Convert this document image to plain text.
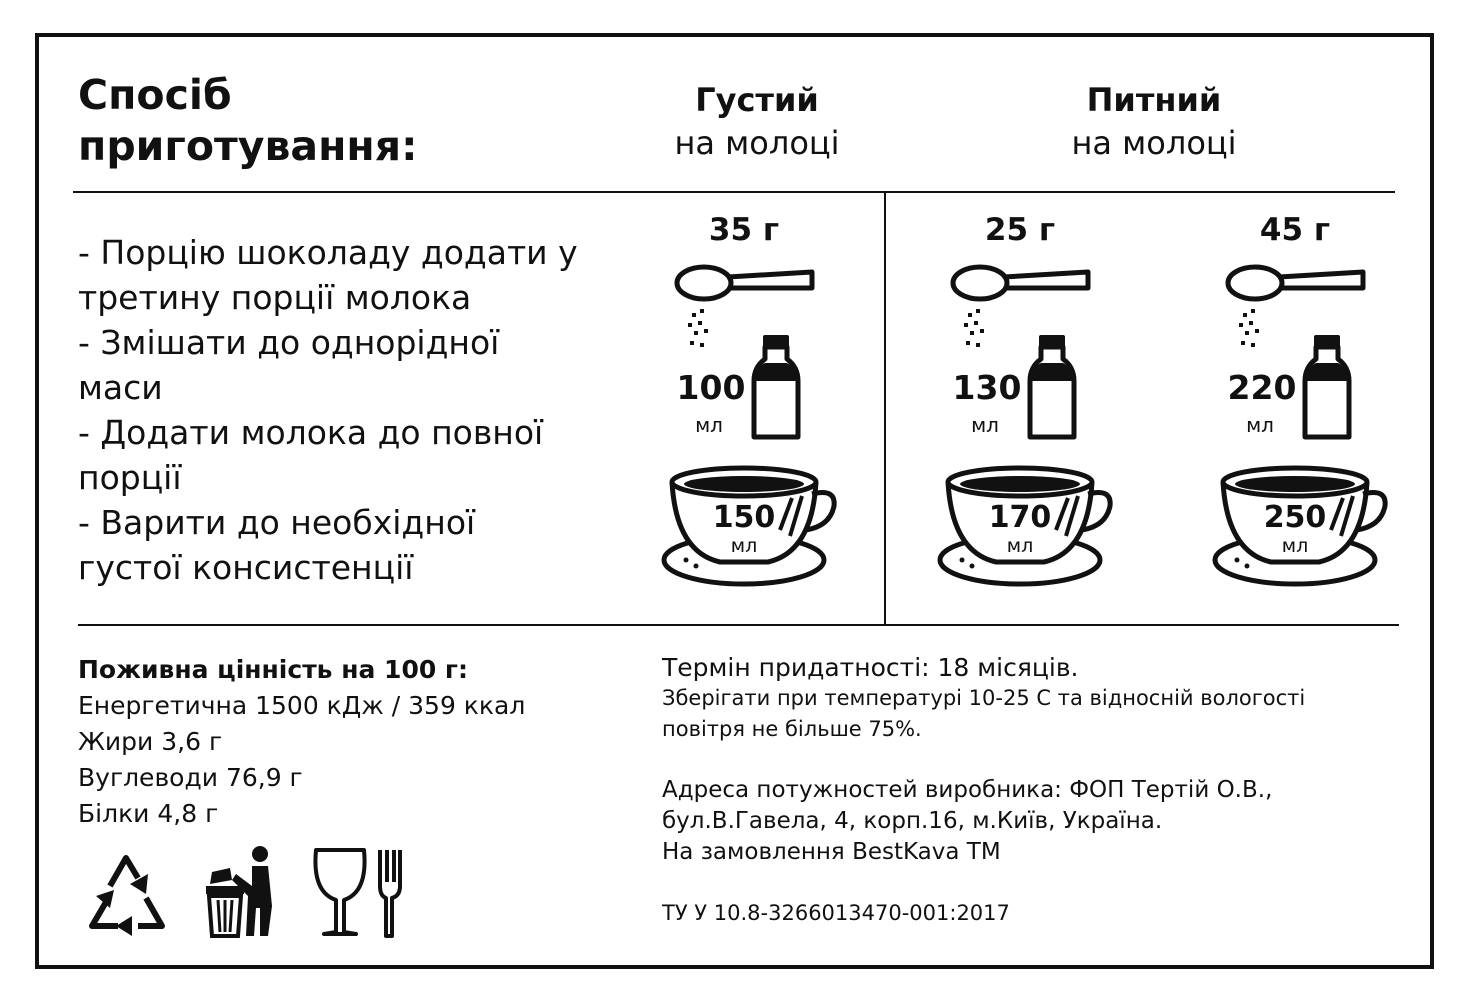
Спосіб
приготування:
Густий
на молоці
Питний
на молоці
- Порцію шоколаду додати у
третину порції молока
- Змішати до однорідної
маси
- Додати молока до повної
порції
- Варити до необхідної
густої консистенції
35 г
100
мл
150
мл
25 г
130
мл
170
мл
45 г
220
мл
250
мл
Поживна цінність на 100 г:
Енергетична 1500 кДж / 359 ккал
Жири 3,6 г
Вуглеводи 76,9 г
Білки 4,8 г
Термін придатності: 18 місяців.
Зберігати при температурі 10-25 С та відносній вологості
повітря не більше 75%.
Адреса потужностей виробника: ФОП Тертій О.В.,
бул.В.Гавела, 4, корп.16, м.Київ, Україна.
На замовлення BestKava ТМ
ТУ У 10.8-3266013470-001:2017
